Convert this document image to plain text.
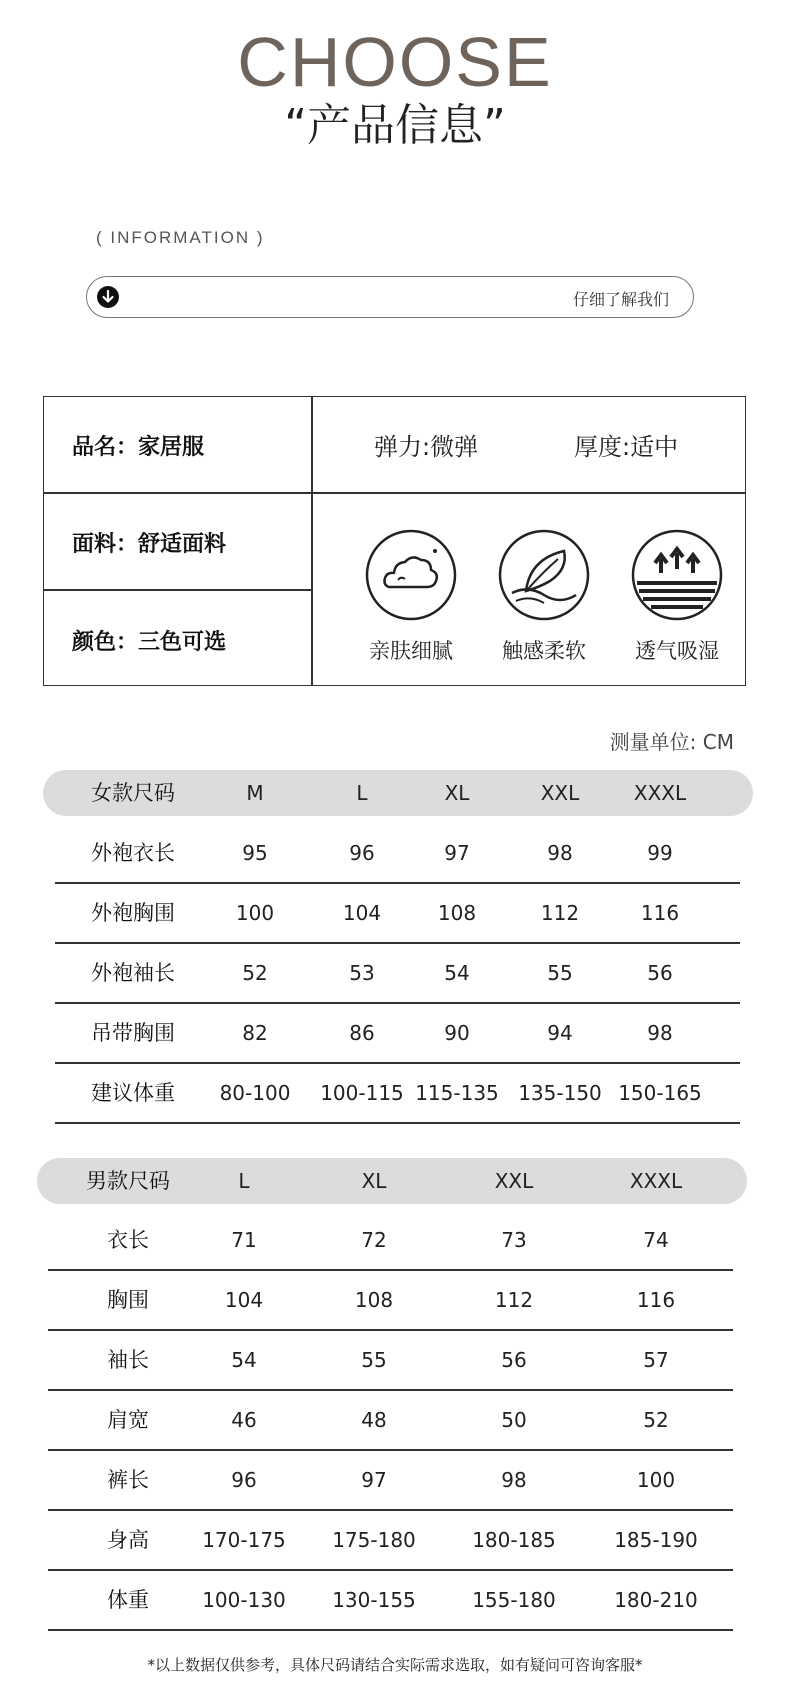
CHOOSE
“产品信息”
( INFORMATION )
仔细了解我们
品名：家居服
面料：舒适面料
颜色：三色可选
弹力:微弹	厚度:适中
亲肤细腻	触感柔软	透气吸湿
测量单位: CM
女款尺码	M	L	XL	XXL	XXXL
外袍衣长	95	96	97	98	99
外袍胸围	100	104	108	112	116
外袍袖长	52	53	54	55	56
吊带胸围	82	86	90	94	98
建议体重	80-100	100-115 115-135 135-150 150-165
男款尺码	L	XL	XXL	XXXL
衣长	71	72	73	74
胸围	104	108	112	116
袖长	54	55	56	57
肩宽	46	48	50	52
裤长	96	97	98	100
身高	170-175	175-180	180-185	185-190
体重	100-130	130-155	155-180	180-210
*以上数据仅供参考，具体尺码请结合实际需求选取，如有疑问可咨询客服*
